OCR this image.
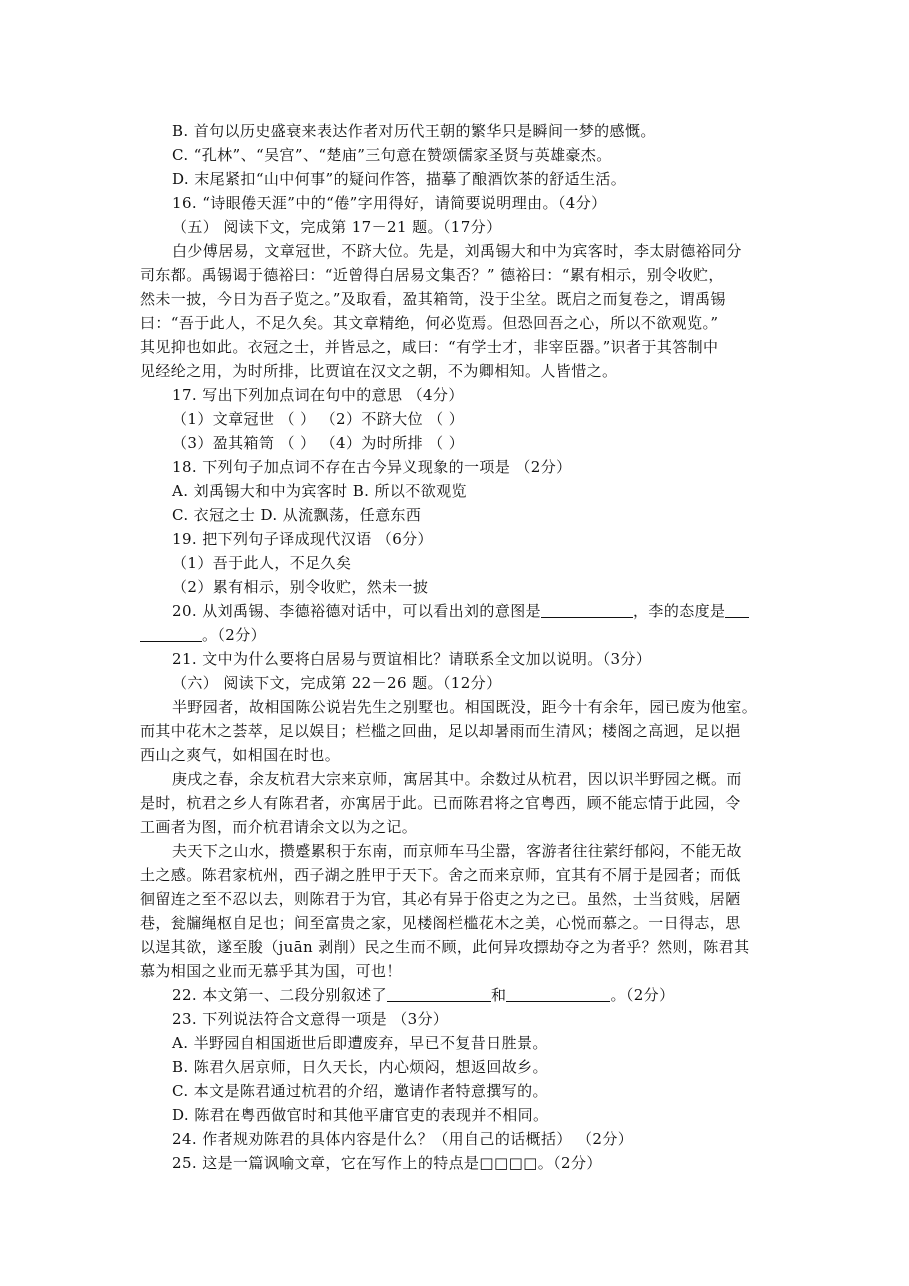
B. 首句以历史盛衰来表达作者对历代王朝的繁华只是瞬间一梦的感慨。
C. “孔林”、“吴宫”、“楚庙”三句意在赞颂儒家圣贤与英雄豪杰。
D. 末尾紧扣“山中何事”的疑问作答，描摹了酿酒饮茶的舒适生活。
16. “诗眼倦天涯”中的“倦”字用得好，请简要说明理由。（4分）
（五） 阅读下文，完成第 17－21 题。（17分）
白少傅居易，文章冠世，不跻大位。先是，刘禹锡大和中为宾客时，李太尉德裕同分
司东都。禹锡谒于德裕曰：“近曾得白居易文集否？” 德裕曰：“累有相示，别令收贮，
然未一披，今日为吾子览之。”及取看，盈其箱笥，没于尘坌。既启之而复卷之，谓禹锡
曰：“吾于此人，不足久矣。其文章精绝，何必览焉。但恐回吾之心，所以不欲观览。”
其见抑也如此。衣冠之士，并皆忌之，咸曰：“有学士才，非宰臣器。”识者于其答制中
见经纶之用，为时所排，比贾谊在汉文之朝，不为卿相知。人皆惜之。
17. 写出下列加点词在句中的意思 （4分）
（1）文章冠世 （ ） （2）不跻大位 （ ）
（3）盈其箱笥 （ ） （4）为时所排 （ ）
18. 下列句子加点词不存在古今异义现象的一项是 （2分）
A. 刘禹锡大和中为宾客时 B. 所以不欲观览
C. 衣冠之士 D. 从流飘荡，任意东西
19. 把下列句子译成现代汉语 （6分）
（1）吾于此人，不足久矣
（2）累有相示，别令收贮，然未一披
20. 从刘禹锡、李德裕德对话中，可以看出刘的意图是	，李的态度是
。（2分）
21. 文中为什么要将白居易与贾谊相比？请联系全文加以说明。（3分）
（六） 阅读下文，完成第 22－26 题。（12分）
半野园者，故相国陈公说岩先生之别墅也。相国既没，距今十有余年，园已废为他室。
而其中花木之荟萃，足以娱目；栏槛之回曲，足以却暑雨而生清风；楼阁之高迥，足以挹
西山之爽气，如相国在时也。
庚戌之春，余友杭君大宗来京师，寓居其中。余数过从杭君，因以识半野园之概。而
是时，杭君之乡人有陈君者，亦寓居于此。已而陈君将之官粤西，顾不能忘情于此园，令
工画者为图，而介杭君请余文以为之记。
夫天下之山水，攒蹙累积于东南，而京师车马尘嚣，客游者往往萦纡郁闷，不能无故
土之感。陈君家杭州，西子湖之胜甲于天下。舍之而来京师，宜其有不屑于是园者；而低
徊留连之至不忍以去，则陈君于为官，其必有异于俗吏之为之已。虽然，士当贫贱，居陋
巷，瓮牖绳枢自足也；间至富贵之家，见楼阁栏槛花木之美，心悦而慕之。一日得志，思
以逞其欲，遂至朘（juān 剥削）民之生而不顾，此何异攻摽劫夺之为者乎？然则，陈君其
慕为相国之业而无慕乎其为国，可也！
22. 本文第一、二段分别叙述了	和	。（2分）
23. 下列说法符合文意得一项是 （3分）
A. 半野园自相国逝世后即遭废弃，早已不复昔日胜景。
B. 陈君久居京师，日久天长，内心烦闷，想返回故乡。
C. 本文是陈君通过杭君的介绍，邀请作者特意撰写的。
D. 陈君在粤西做官时和其他平庸官吏的表现并不相同。
24. 作者规劝陈君的具体内容是什么？（用自己的话概括） （2分）
25. 这是一篇讽喻文章，它在写作上的特点是□□□□。（2分）
